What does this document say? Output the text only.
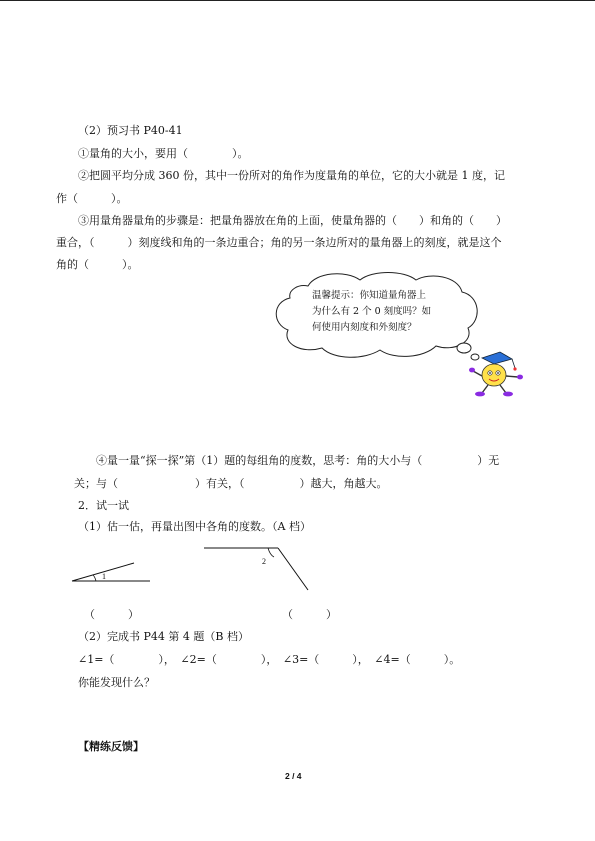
（2）预习书 P40-41
①量角的大小，要用（　　　　）。
②把圆平均分成 360 份，其中一份所对的角作为度量角的单位，它的大小就是 1 度，记
作（　　　）。
③用量角器量角的步骤是：把量角器放在角的上面，使量角器的（　　）和角的（　　）
重合，（　　　）刻度线和角的一条边重合；角的另一条边所对的量角器上的刻度，就是这个
角的（　　　）。
温馨提示：你知道量角器上
为什么有 2 个 0 刻度吗？如
何使用内刻度和外刻度？
④量一量“探一探”第（1）题的每组角的度数，思考：角的大小与（　　　　　）无
关；与（　　　　　　　）有关，（　　　　　）越大，角越大。
2．试一试
（1）估一估，再量出图中各角的度数。（A 档）
1
2
（　　　）	（　　　）
（2）完成书 P44 第 4 题（B 档）
∠1=（　　　　），　∠2=（　　　　），　∠3=（　　　），　∠4=（　　　）。
你能发现什么？
【精练反馈】
2 / 4
